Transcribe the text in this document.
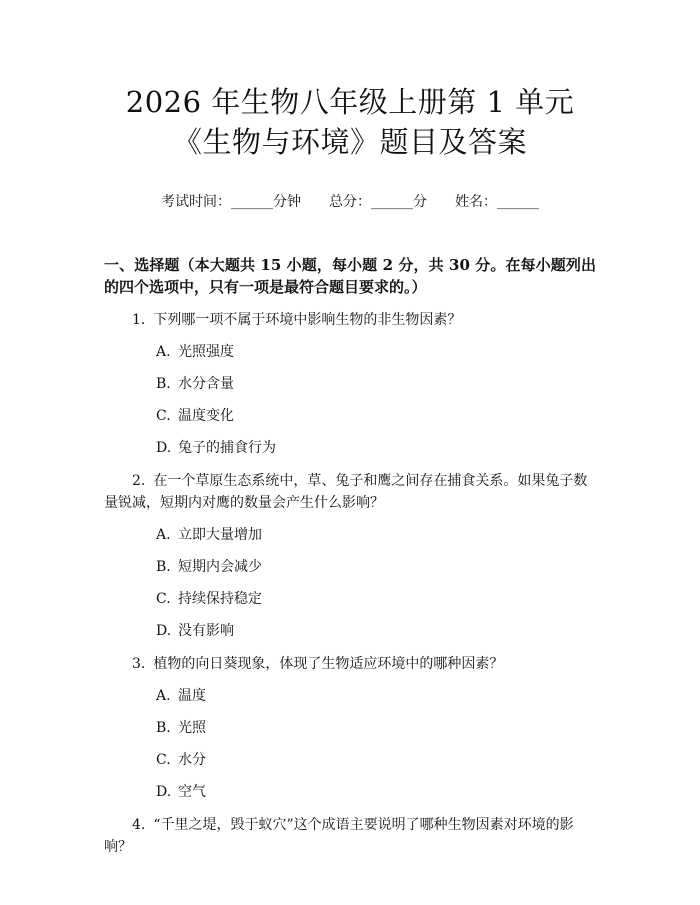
2026 年生物八年级上册第 1 单元《生物与环境》题目及答案
考试时间：______分钟 总分：______分 姓名：______
一、选择题（本大题共 15 小题，每小题 2 分，共 30 分。在每小题列出的四个选项中，只有一项是最符合题目要求的。）
1. 下列哪一项不属于环境中影响生物的非生物因素？
A. 光照强度
B. 水分含量
C. 温度变化
D. 兔子的捕食行为
2. 在一个草原生态系统中，草、兔子和鹰之间存在捕食关系。如果兔子数量锐减，短期内对鹰的数量会产生什么影响？
A. 立即大量增加
B. 短期内会减少
C. 持续保持稳定
D. 没有影响
3. 植物的向日葵现象，体现了生物适应环境中的哪种因素？
A. 温度
B. 光照
C. 水分
D. 空气
4. “千里之堤，毁于蚁穴”这个成语主要说明了哪种生物因素对环境的影响？
